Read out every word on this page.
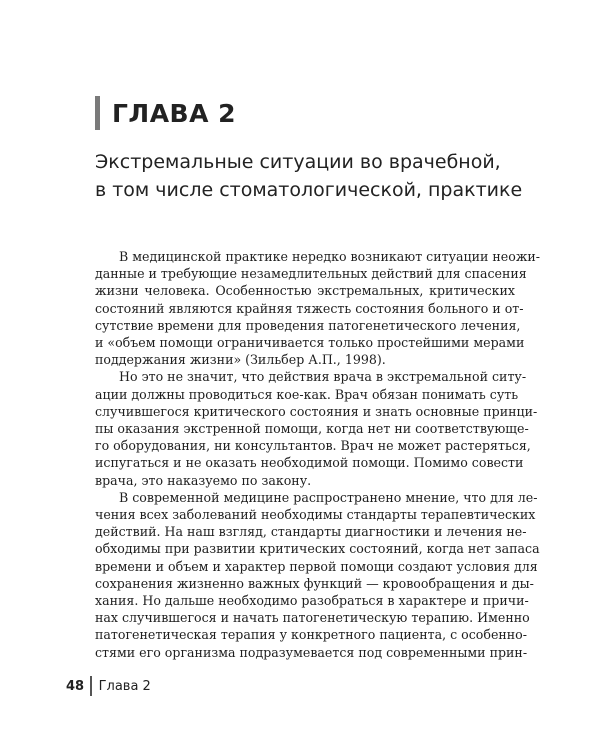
ГЛАВА 2
Экстремальные ситуации во врачебной,
в том числе стоматологической, практике
В медицинской практике нередко возникают ситуации неожи-
данные и требующие незамедлительных действий для спасения
жизни человека. Особенностью экстремальных, критических
состояний являются крайняя тяжесть состояния больного и от-
сутствие времени для проведения патогенетического лечения,
и «объем помощи ограничивается только простейшими мерами
поддержания жизни» (Зильбер А.П., 1998).
Но это не значит, что действия врача в экстремальной ситу-
ации должны проводиться кое-как. Врач обязан понимать суть
случившегося критического состояния и знать основные принци-
пы оказания экстренной помощи, когда нет ни соответствующе-
го оборудования, ни консультантов. Врач не может растеряться,
испугаться и не оказать необходимой помощи. Помимо совести
врача, это наказуемо по закону.
В современной медицине распространено мнение, что для ле-
чения всех заболеваний необходимы стандарты терапевтических
действий. На наш взгляд, стандарты диагностики и лечения не-
обходимы при развитии критических состояний, когда нет запаса
времени и объем и характер первой помощи создают условия для
сохранения жизненно важных функций — кровообращения и ды-
хания. Но дальше необходимо разобраться в характере и причи-
нах случившегося и начать патогенетическую терапию. Именно
патогенетическая терапия у конкретного пациента, с особенно-
стями его организма подразумевается под современными прин-
48 Глава 2
